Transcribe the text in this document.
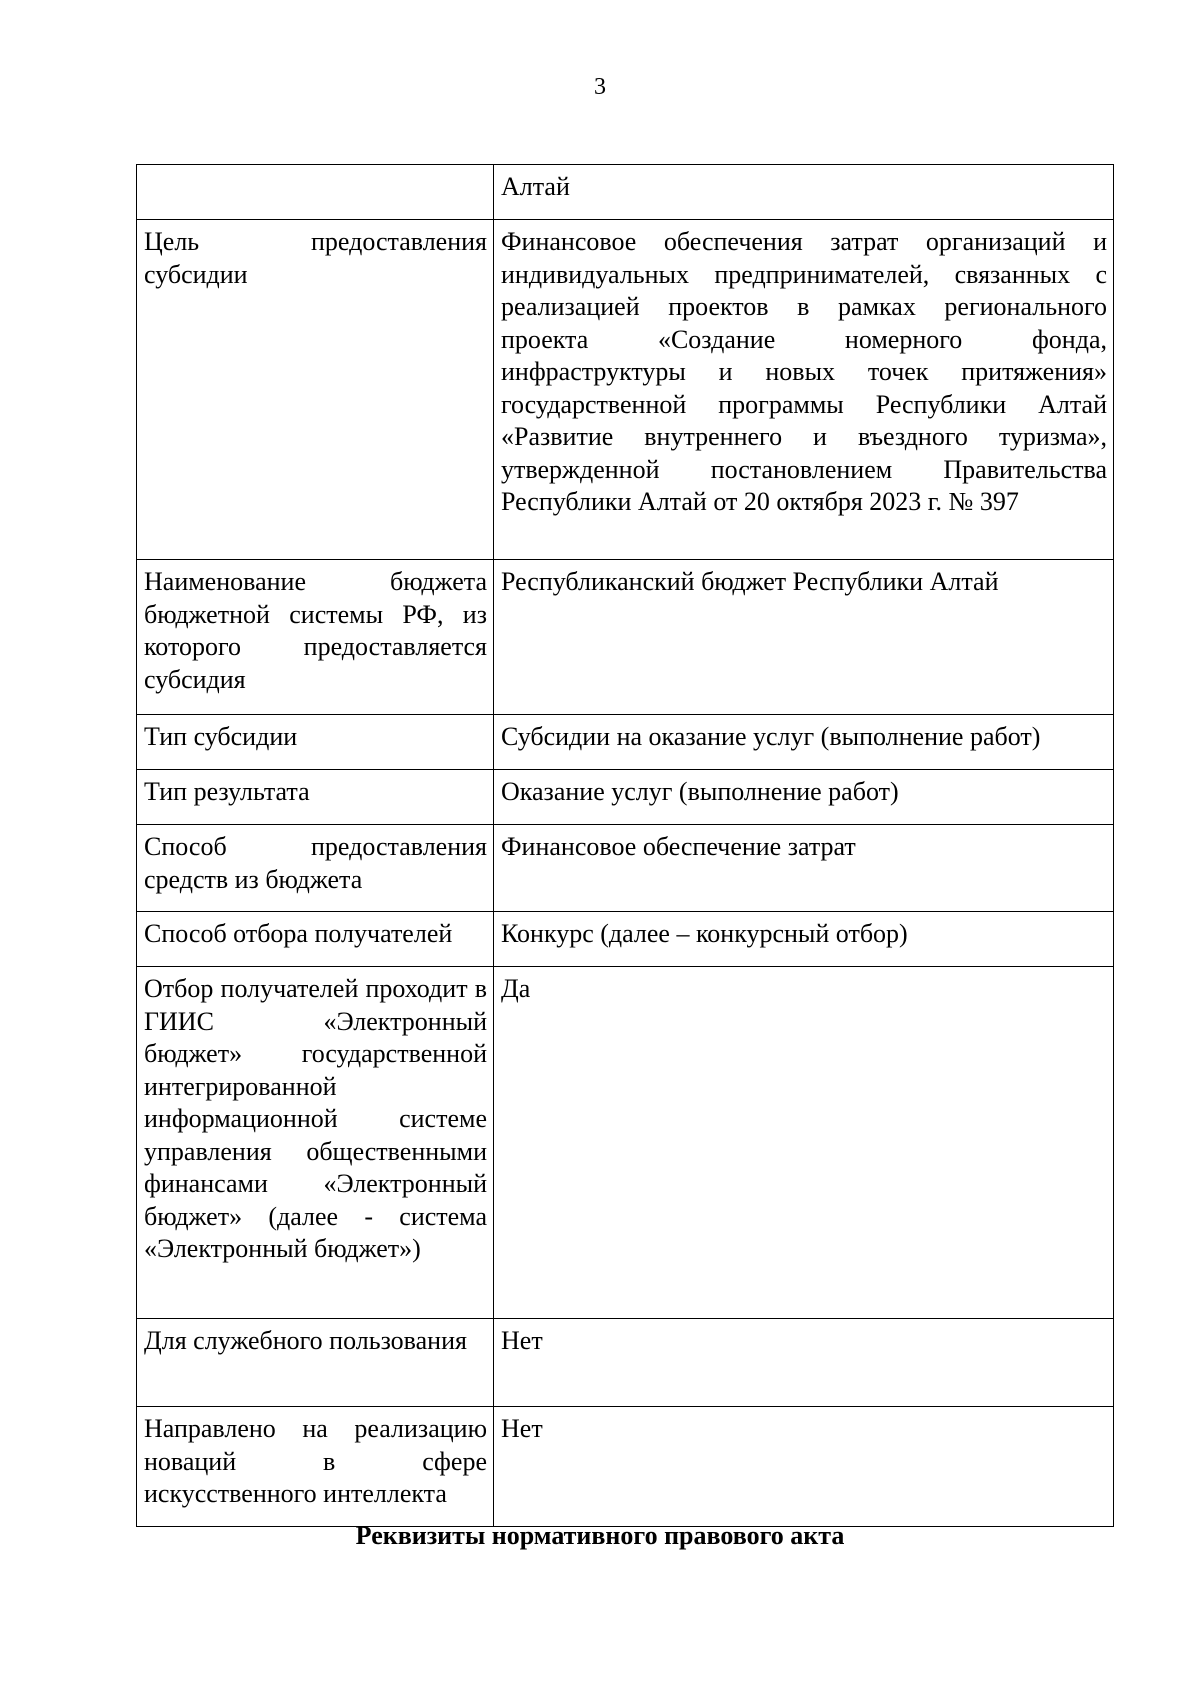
3
	Алтай
Цель предоставления субсидии	Финансовое обеспечения затрат организаций и индивидуальных предпринимателей, связанных с реализацией проектов в рамках регионального проекта «Создание номерного фонда, инфраструктуры и новых точек притяжения» государственной программы Республики Алтай «Развитие внутреннего и въездного туризма», утвержденной постановлением Правительства Республики Алтай от 20 октября 2023 г. № 397
Наименование бюджета бюджетной системы РФ, из которого предоставляется субсидия	Республиканский бюджет Республики Алтай
Тип субсидии	Субсидии на оказание услуг (выполнение работ)
Тип результата	Оказание услуг (выполнение работ)
Способ предоставления средств из бюджета	Финансовое обеспечение затрат
Способ отбора получателей	Конкурс (далее – конкурсный отбор)
Отбор получателей проходит в ГИИС «Электронный бюджет» государственной интегрированной информационной системе управления общественными финансами «Электронный бюджет» (далее - система «Электронный бюджет»)	Да
Для служебного пользования	Нет
Направлено на реализацию новаций в сфере искусственного интеллекта	Нет
Реквизиты нормативного правового акта
